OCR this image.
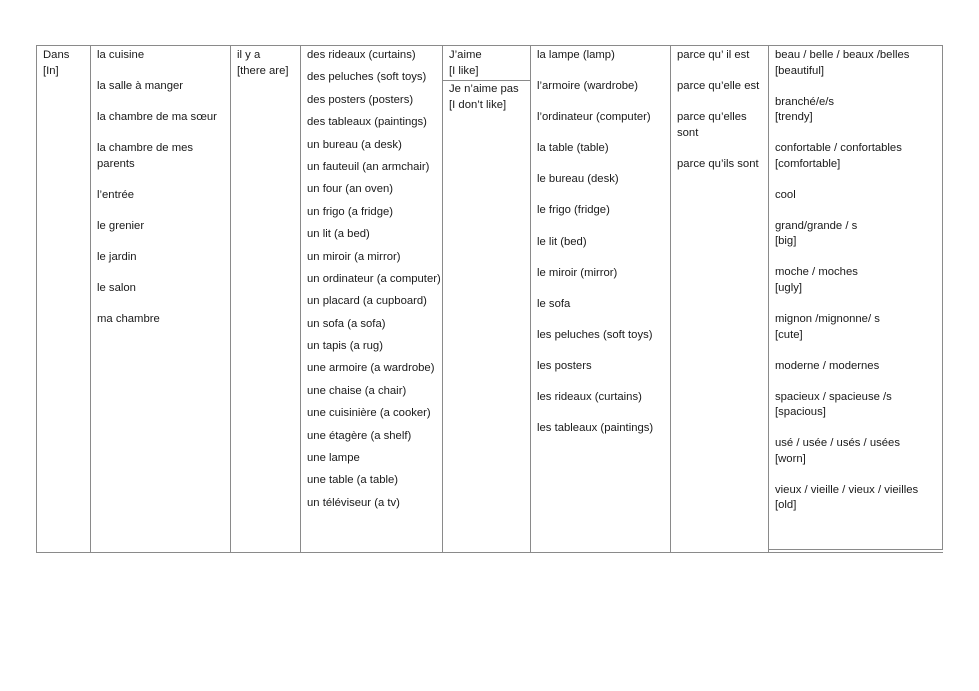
Dans
[In]
la cuisine
la salle à manger
la chambre de ma sœur
la chambre de mes parents
l’entrée
le grenier
le jardin
le salon
ma chambre
il y a
[there are]
des rideaux (curtains)
des peluches (soft toys)
des posters (posters)
des tableaux (paintings)
un bureau (a desk)
un fauteuil (an armchair)
un four (an oven)
un frigo (a fridge)
un lit (a bed)
un miroir (a mirror)
un ordinateur (a computer)
un placard (a cupboard)
un sofa (a sofa)
un tapis (a rug)
une armoire (a wardrobe)
une chaise (a chair)
une cuisinière (a cooker)
une étagère (a shelf)
une lampe
une table (a table)
un téléviseur (a tv)
J’aime
[I like]
Je n’aime pas
[I don’t like]
la lampe (lamp)
l’armoire (wardrobe)
l’ordinateur (computer)
la table (table)
le bureau (desk)
le frigo (fridge)
le lit (bed)
le miroir (mirror)
le sofa
les peluches (soft toys)
les posters
les rideaux (curtains)
les tableaux (paintings)
parce qu’ il est
parce qu’elle est
parce qu’elles sont
parce qu’ils sont
beau / belle / beaux /belles
[beautiful]
branché/e/s
[trendy]
confortable / confortables
[comfortable]
cool
grand/grande / s
[big]
moche / moches
[ugly]
mignon /mignonne/ s
[cute]
moderne / modernes
spacieux / spacieuse /s
[spacious]
usé / usée / usés / usées
[worn]
vieux / vieille / vieux / vieilles
[old]
